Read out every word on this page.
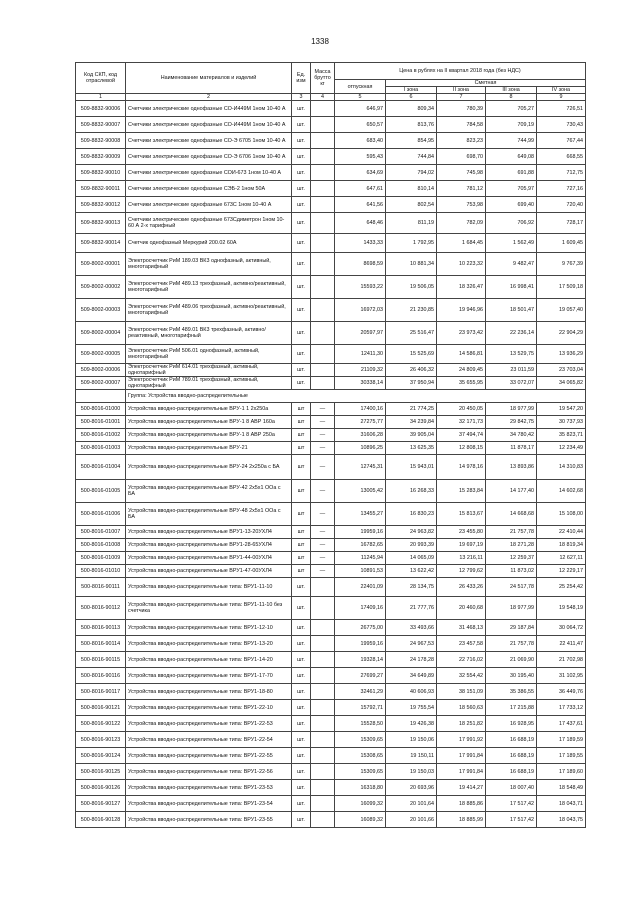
1338
Код СКП, код отраслевой	Наименование материалов и изделий	Ед. изм	Масса брутто кг	Цена в рублях на II квартал 2018 года (без НДС)				
				отпускная	Сметная			
					I зона	II зона	III зона	IV зона
1	2	3	4	5	6	7	8	9
509-8832-90006	Счетчики электрические однофазные СО-И449М 1ном 10-40 А	шт.		646,97	809,34	780,39	705,27	726,51
509-8832-90007	Счетчики электрические однофазные СО-И449М 1ном 10-40 А	шт.		650,57	813,76	784,58	709,19	730,43
509-8832-90008	Счетчики электрические однофазные СО-Э 6705 1ном 10-40 А	шт.		683,40	854,95	823,23	744,99	767,44
509-8832-90009	Счетчики электрические однофазные СО-Э 6706 1ном 10-40 А	шт.		595,43	744,84	698,70	649,08	668,55
509-8832-90010	Счетчики электрические однофазные СОИ-673 1ном 10-40 А	шт.		634,69	794,02	745,98	691,88	712,75
509-8832-90011	Счетчики электрические однофазные СЭБ-2 1ном 50А	шт.		647,61	810,14	781,12	705,97	727,16
509-8832-90012	Счетчики электрические однофазные 673С 1ном 10-40 А	шт.		641,56	802,54	753,98	699,40	720,40
509-8832-90013	Счетчики электрические однофазные 673Сдиметрон 1ном 10-60 А 2-х тарифный	шт.		648,46	811,19	782,09	706,92	728,17
509-8832-90014	Счетчик однофазный Меркурий 200.02 60А	шт.		1433,33	1 792,95	1 684,45	1 562,49	1 609,45
509-8002-00001	Электросчетчик РиМ 189.03 ВК3 однофазный, активный, многотарифный	шт.		8698,59	10 881,34	10 223,32	9 482,47	9 767,39
509-8002-00002	Электросчетчик РиМ 489.13 трехфазный, активно/реактивный, многотарифный	шт.		15593,22	19 506,05	18 326,47	16 998,41	17 509,18
509-8002-00003	Электросчетчик РиМ 489.06 трехфазный, активно/реактивный, многотарифный	шт.		16972,03	21 230,85	19 946,96	18 501,47	19 057,40
509-8002-00004	Электросчетчик РиМ 489.01 ВК3 трехфазный, активно/реактивный, многотарифный	шт.		20597,97	25 516,47	23 973,42	22 236,14	22 904,29
509-8002-00005	Электросчетчик РиМ 506.01 однофазный, активный, многотарифный	шт.		12411,30	15 525,69	14 586,81	13 529,75	13 936,29
509-8002-00006	Электросчетчик РиМ 614.01 трехфазный, активный, однотарифный	шт.		21109,32	26 406,32	24 809,45	23 011,59	23 703,04
509-8002-00007	Электросчетчик РиМ 789.01 трехфазный, активный, однотарифный	шт.		30338,14	37 950,94	35 655,95	33 072,07	34 065,82
	Группа: Устройства вводно-распределительные							
500-8016-01000	Устройства вводно-распределительные ВРУ-1 1 2x250а	шт	—	17400,16	21 774,25	20 450,05	18 977,99	19 547,20
500-8016-01001	Устройства вводно-распределительные ВРУ-1 8 АВР 160а	шт	—	27275,77	34 239,84	32 171,73	29 842,75	30 737,93
500-8016-01002	Устройства вводно-распределительные ВРУ-1 8 АВР 250а	шт	—	31606,28	39 905,04	37 494,74	34 780,42	35 823,71
500-8016-01003	Устройства вводно-распределительные ВРУ-21	шт	—	10896,25	13 625,35	12 808,15	11 878,17	12 234,49
500-8016-01004	Устройства вводно-распределительные ВРУ-24 2x250а с БА	шт	—	12745,31	15 943,01	14 978,16	13 893,86	14 310,83
500-8016-01005	Устройства вводно-распределительные ВРУ-42 2x5х1 ООа с БА	шт	—	13005,42	16 268,33	15 283,84	14 177,40	14 602,68
500-8016-01006	Устройства вводно-распределительные ВРУ-48 2x5х1 ООа с БА	шт	—	13455,27	16 830,23	15 813,67	14 668,68	15 108,00
500-8016-01007	Устройства вводно-распределительные ВРУ1-13-20УХЛ4	шт	—	19959,16	24 963,82	23 455,80	21 757,78	22 410,44
500-8016-01008	Устройства вводно-распределительные ВРУ1-28-65УХЛ4	шт	—	16782,65	20 993,39	19 697,19	18 271,28	18 819,34
500-8016-01009	Устройства вводно-распределительные ВРУ1-44-00УХЛ4	шт	—	11245,94	14 065,09	13 216,11	12 259,37	12 627,11
500-8016-01010	Устройства вводно-распределительные ВРУ1-47-00УХЛ4	шт	—	10891,53	13 622,42	12 799,62	11 873,02	12 229,17
500-8016-90111	Устройства вводно-распределительные типа: ВРУ1-11-10	шт.		22401,09	28 134,75	26 433,26	24 517,78	25 254,42
500-8016-90112	Устройства вводно-распределительные типа: ВРУ1-11-10 без счетчика	шт.		17409,16	21 777,76	20 460,68	18 977,99	19 548,19
500-8016-90113	Устройства вводно-распределительные типа: ВРУ1-12-10	шт.		26775,00	33 493,66	31 468,13	29 187,84	30 064,72
500-8016-90114	Устройства вводно-распределительные типа: ВРУ1-13-20	шт.		19959,16	24 967,53	23 457,58	21 757,78	22 411,47
500-8016-90115	Устройства вводно-распределительные типа: ВРУ1-14-20	шт.		19328,14	24 178,28	22 716,02	21 069,90	21 702,98
500-8016-90116	Устройства вводно-распределительные типа: ВРУ1-17-70	шт.		27699,27	34 649,89	32 554,42	30 195,40	31 102,95
500-8016-90117	Устройства вводно-распределительные типа: ВРУ1-18-80	шт.		32461,29	40 606,93	38 151,09	35 386,55	36 449,76
500-8016-90121	Устройства вводно-распределительные типа: ВРУ1-22-10	шт.		15792,71	19 755,54	18 560,63	17 215,88	17 733,12
500-8016-90122	Устройства вводно-распределительные типа: ВРУ1-22-53	шт.		15528,50	19 426,38	18 251,82	16 928,95	17 437,61
500-8016-90123	Устройства вводно-распределительные типа: ВРУ1-22-54	шт.		15309,65	19 150,06	17 991,92	16 688,19	17 189,59
500-8016-90124	Устройства вводно-распределительные типа: ВРУ1-22-55	шт.		15308,65	19 150,11	17 991,84	16 688,19	17 189,55
500-8016-90125	Устройства вводно-распределительные типа: ВРУ1-22-56	шт.		15309,65	19 150,03	17 991,84	16 688,19	17 189,60
500-8016-90126	Устройства вводно-распределительные типа: ВРУ1-23-53	шт.		16318,80	20 693,96	19 414,27	18 007,40	18 548,49
500-8016-90127	Устройства вводно-распределительные типа: ВРУ1-23-54	шт.		16099,32	20 101,64	18 885,86	17 517,42	18 043,71
500-8016-90128	Устройства вводно-распределительные типа: ВРУ1-23-55	шт.		16089,32	20 101,66	18 885,99	17 517,42	18 043,75
